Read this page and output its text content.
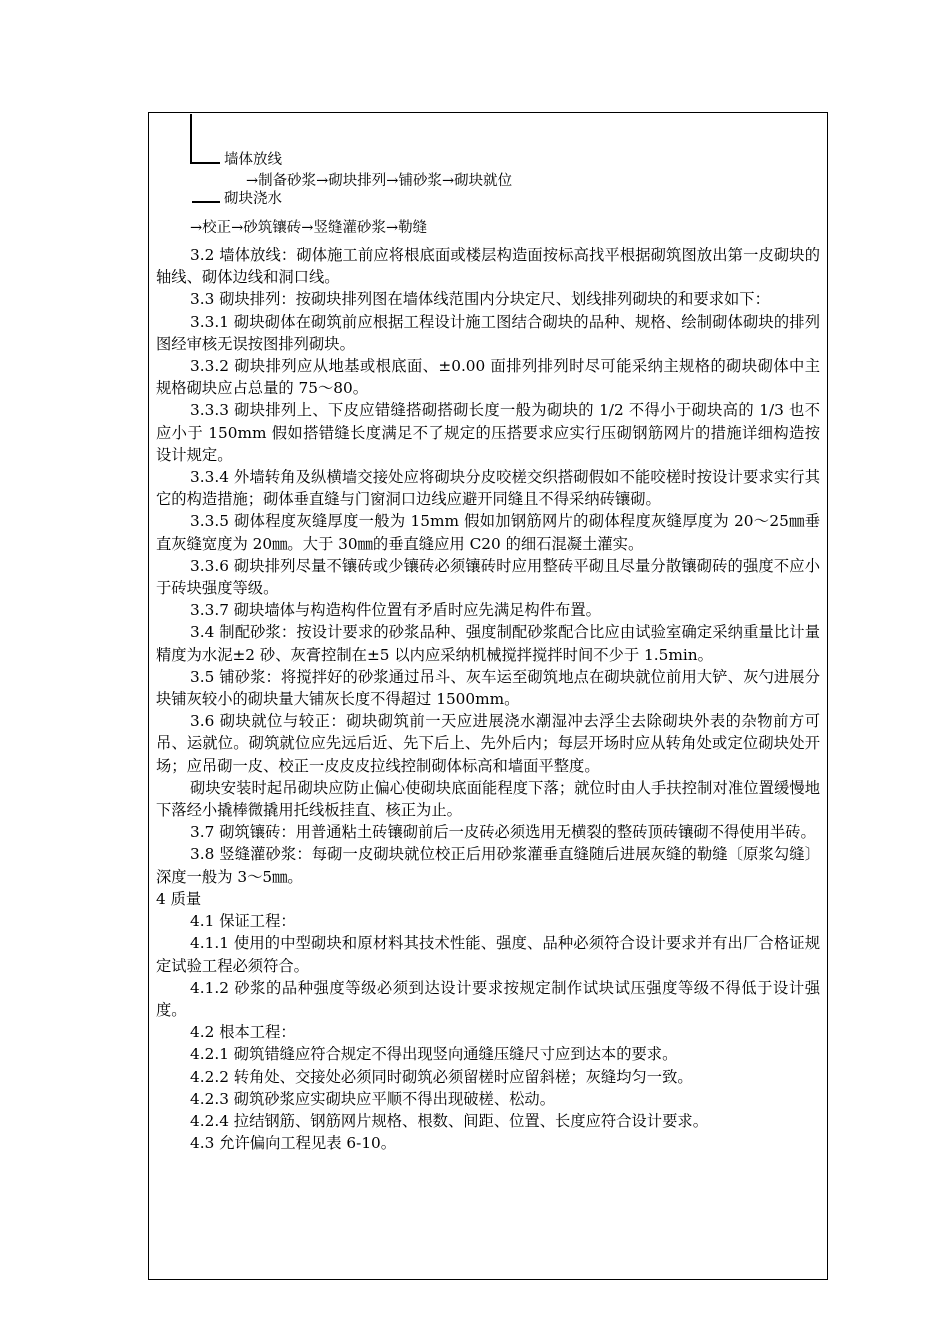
墙体放线
→制备砂浆→砌块排列→铺砂浆→砌块就位
砌块浇水
→校正→砂筑镶砖→竖缝灌砂浆→勒缝

3.2 墙体放线：砌体施工前应将根底面或楼层构造面按标高找平根据砌筑图放出第一皮砌块的轴线、砌体边线和洞口线。

3.3 砌块排列：按砌块排列图在墙体线范围内分块定尺、划线排列砌块的和要求如下：

3.3.1 砌块砌体在砌筑前应根据工程设计施工图结合砌块的品种、规格、绘制砌体砌块的排列图经审核无误按图排列砌块。

3.3.2 砌块排列应从地基或根底面、±0.00 面排列排列时尽可能采纳主规格的砌块砌体中主规格砌块应占总量的 75～80。

3.3.3 砌块排列上、下皮应错缝搭砌搭砌长度一般为砌块的 1/2 不得小于砌块高的 1/3 也不应小于 150mm 假如搭错缝长度满足不了规定的压搭要求应实行压砌钢筋网片的措施详细构造按设计规定。

3.3.4 外墙转角及纵横墙交接处应将砌块分皮咬槎交织搭砌假如不能咬槎时按设计要求实行其它的构造措施；砌体垂直缝与门窗洞口边线应避开同缝且不得采纳砖镶砌。

3.3.5 砌体程度灰缝厚度一般为 15mm 假如加钢筋网片的砌体程度灰缝厚度为 20～25㎜垂直灰缝宽度为 20㎜。大于 30㎜的垂直缝应用 C20 的细石混凝土灌实。

3.3.6 砌块排列尽量不镶砖或少镶砖必须镶砖时应用整砖平砌且尽量分散镶砌砖的强度不应小于砖块强度等级。

3.3.7 砌块墙体与构造构件位置有矛盾时应先满足构件布置。

3.4 制配砂浆：按设计要求的砂浆品种、强度制配砂浆配合比应由试验室确定采纳重量比计量精度为水泥±2 砂、灰膏控制在±5 以内应采纳机械搅拌搅拌时间不少于 1.5min。

3.5 铺砂浆：将搅拌好的砂浆通过吊斗、灰车运至砌筑地点在砌块就位前用大铲、灰勺进展分块铺灰较小的砌块量大铺灰长度不得超过 1500mm。

3.6 砌块就位与较正：砌块砌筑前一天应进展浇水潮湿冲去浮尘去除砌块外表的杂物前方可吊、运就位。砌筑就位应先远后近、先下后上、先外后内；每层开场时应从转角处或定位砌块处开场；应吊砌一皮、校正一皮皮皮拉线控制砌体标高和墙面平整度。

砌块安装时起吊砌块应防止偏心使砌块底面能程度下落；就位时由人手扶控制对准位置缓慢地下落经小撬棒微撬用托线板挂直、核正为止。

3.7 砌筑镶砖：用普通粘土砖镶砌前后一皮砖必须选用无横裂的整砖顶砖镶砌不得使用半砖。

3.8 竖缝灌砂浆：每砌一皮砌块就位校正后用砂浆灌垂直缝随后进展灰缝的勒缝〔原浆勾缝〕深度一般为 3～5㎜。

4 质量

4.1 保证工程：

4.1.1 使用的中型砌块和原材料其技术性能、强度、品种必须符合设计要求并有出厂合格证规定试验工程必须符合。

4.1.2 砂浆的品种强度等级必须到达设计要求按规定制作试块试压强度等级不得低于设计强度。

4.2 根本工程：

4.2.1 砌筑错缝应符合规定不得出现竖向通缝压缝尺寸应到达本的要求。

4.2.2 转角处、交接处必须同时砌筑必须留槎时应留斜槎；灰缝均匀一致。

4.2.3 砌筑砂浆应实砌块应平顺不得出现破槎、松动。

4.2.4 拉结钢筋、钢筋网片规格、根数、间距、位置、长度应符合设计要求。

4.3 允许偏向工程见表 6-10。
